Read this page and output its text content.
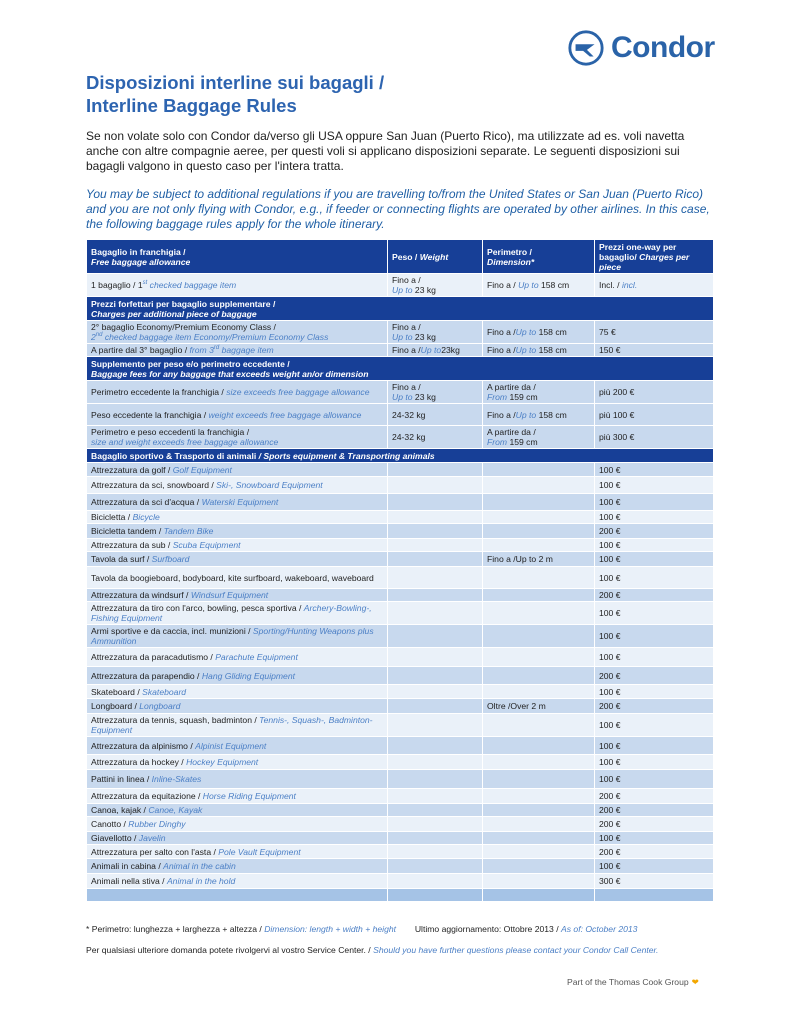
Condor
Disposizioni interline sui bagagli /
Interline Baggage Rules

Se non volate solo con Condor da/verso gli USA oppure San Juan (Puerto Rico), ma utilizzate ad es. voli navetta anche con altre compagnie aeree, per questi voli si applicano disposizioni separate. Le seguenti disposizioni sui bagagli valgono in questo caso per l'intera tratta.

You may be subject to additional regulations if you are travelling to/from the United States or San Juan (Puerto Rico) and you are not only flying with Condor, e.g., if feeder or connecting flights are operated by other airlines. In this case, the following baggage rules apply for the whole itinerary.

Bagaglio in franchigia /
Free baggage allowance	Peso / Weight	Perimetro /
Dimension*	Prezzi one-way per bagaglio/ Charges per piece
1 bagaglio / 1st checked baggage item	Fino a /
Up to 23 kg	Fino a / Up to 158 cm	Incl. / incl.
Prezzi forfettari per bagaglio supplementare /
Charges per additional piece of baggage			
2° bagaglio Economy/Premium Economy Class /
2nd checked baggage item Economy/Premium Economy Class	Fino a /
Up to 23 kg	Fino a /Up to 158 cm	75 €
A partire dal 3° bagaglio / from 3rd baggage item	Fino a /Up to23kg	Fino a /Up to 158 cm	150 €
Supplemento per peso e/o perimetro eccedente /
Baggage fees for any baggage that exceeds weight an/or dimension			
Perimetro eccedente la franchigia / size exceeds free baggage allowance	Fino a /
Up to 23 kg	A partire da /
From 159 cm	più 200 €
Peso eccedente la franchigia / weight exceeds free baggage allowance	24-32 kg	Fino a /Up to 158 cm	più 100 €
Perimetro e peso eccedenti la franchigia /
size and weight exceeds free baggage allowance	24-32 kg	A partire da /
From 159 cm	più 300 €
Bagaglio sportivo & Trasporto di animali / Sports equipment & Transporting animals			
Attrezzatura da golf / Golf Equipment			100 €
Attrezzatura da sci, snowboard / Ski-, Snowboard Equipment			100 €
Attrezzatura da sci d'acqua / Waterski Equipment			100 €
Bicicletta / Bicycle			100 €
Bicicletta tandem / Tandem Bike			200 €
Attrezzatura da sub / Scuba Equipment			100 €
Tavola da surf / Surfboard		Fino a /Up to 2 m	100 €
Tavola da boogieboard, bodyboard, kite surfboard, wakeboard, waveboard			100 €
Attrezzatura da windsurf / Windsurf Equipment			200 €
Attrezzatura da tiro con l'arco, bowling, pesca sportiva / Archery-Bowling-, Fishing Equipment			100 €
Armi sportive e da caccia, incl. munizioni / Sporting/Hunting Weapons plus Ammunition			100 €
Attrezzatura da paracadutismo / Parachute Equipment			100 €
Attrezzatura da parapendio / Hang Gliding Equipment			200 €
Skateboard / Skateboard			100 €
Longboard / Longboard		Oltre /Over 2 m	200 €
Attrezzatura da tennis, squash, badminton / Tennis-, Squash-, Badminton-Equipment			100 €
Attrezzatura da alpinismo / Alpinist Equipment			100 €
Attrezzatura da hockey / Hockey Equipment			100 €
Pattini in linea / Inline-Skates			100 €
Attrezzatura da equitazione / Horse Riding Equipment			200 €
Canoa, kajak / Canoe, Kayak			200 €
Canotto / Rubber Dinghy			200 €
Giavellotto / Javelin			100 €
Attrezzatura per salto con l'asta / Pole Vault Equipment			200 €
Animali in cabina / Animal in the cabin			100 €
Animali nella stiva / Animal in the hold			300 €

* Perimetro: lunghezza + larghezza + altezza / Dimension: length + width + height Ultimo aggiornamento: Ottobre 2013 / As of: October 2013
Per qualsiasi ulteriore domanda potete rivolgervi al vostro Service Center. / Should you have further questions please contact your Condor Call Center.
Part of the Thomas Cook Group ❤
